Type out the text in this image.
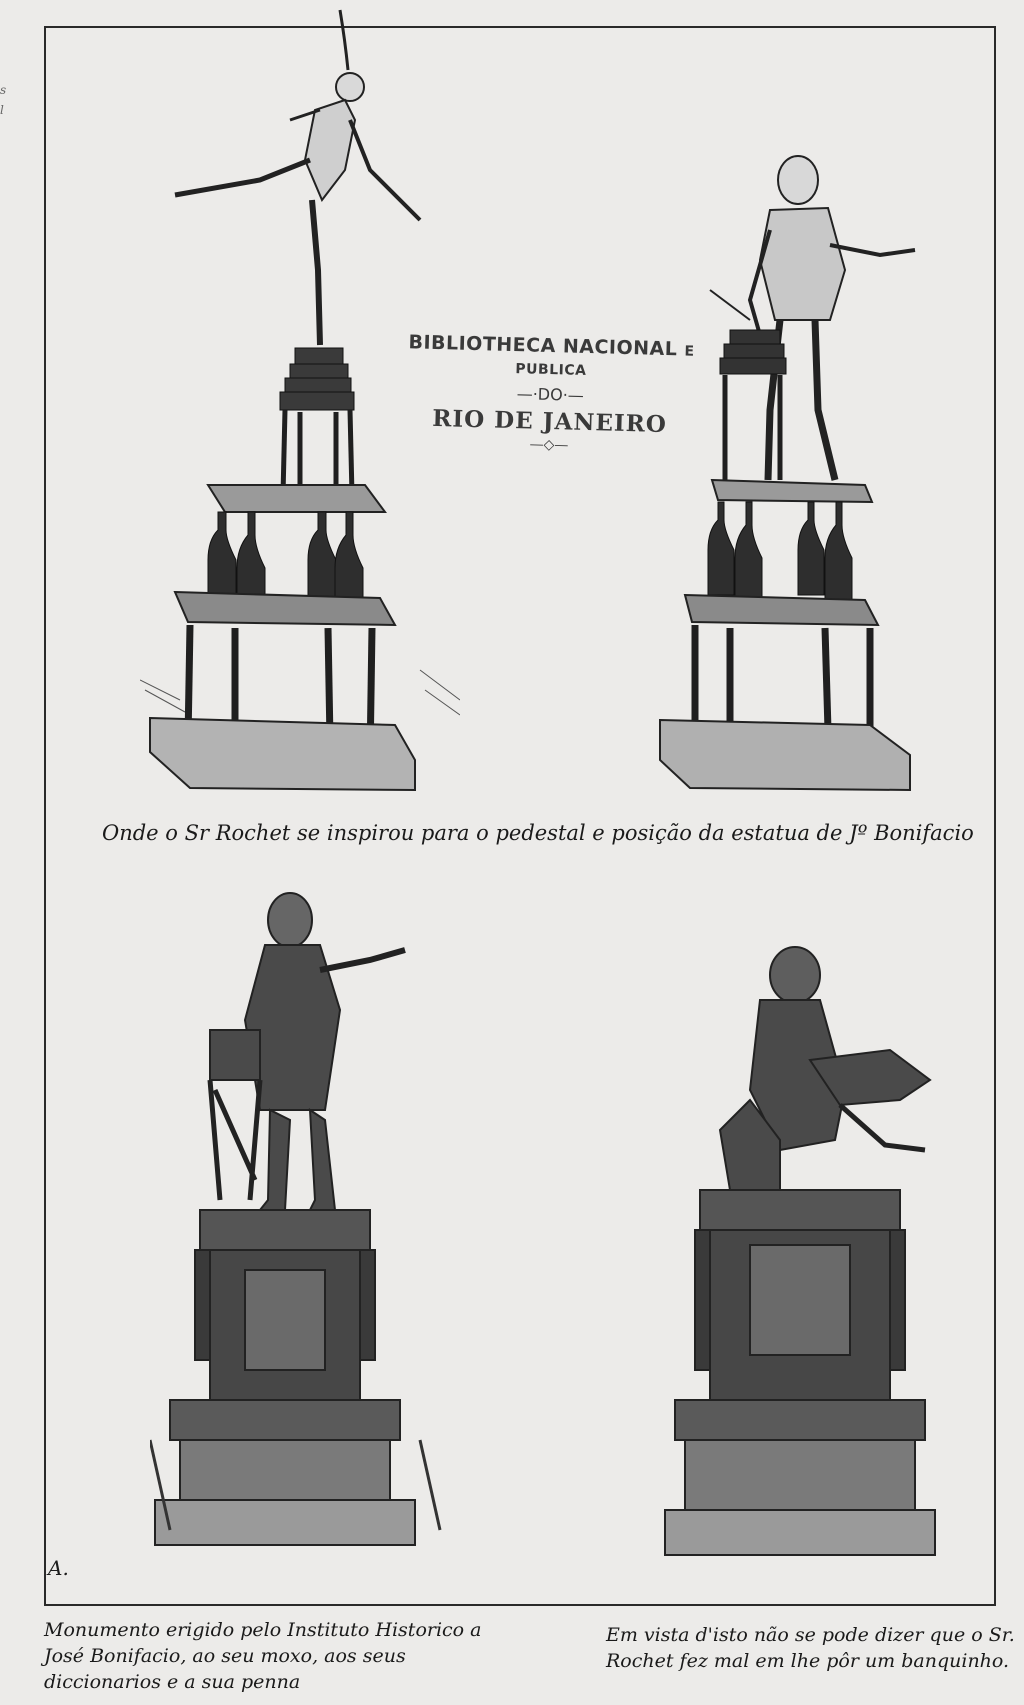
s
l
BIBLIOTHECA NACIONAL E PUBLICA
—·DO·—
RIO DE JANEIRO
—◇—
Onde o Sr Rochet se inspirou para o pedestal e posição da estatua de Jº Bonifacio
A.
Monumento erigido pelo Instituto Historico a José Bonifacio, ao seu moxo, aos seus diccionarios e a sua penna
Em vista d'isto não se pode dizer que o Sr. Rochet fez mal em lhe pôr um banquinho.
